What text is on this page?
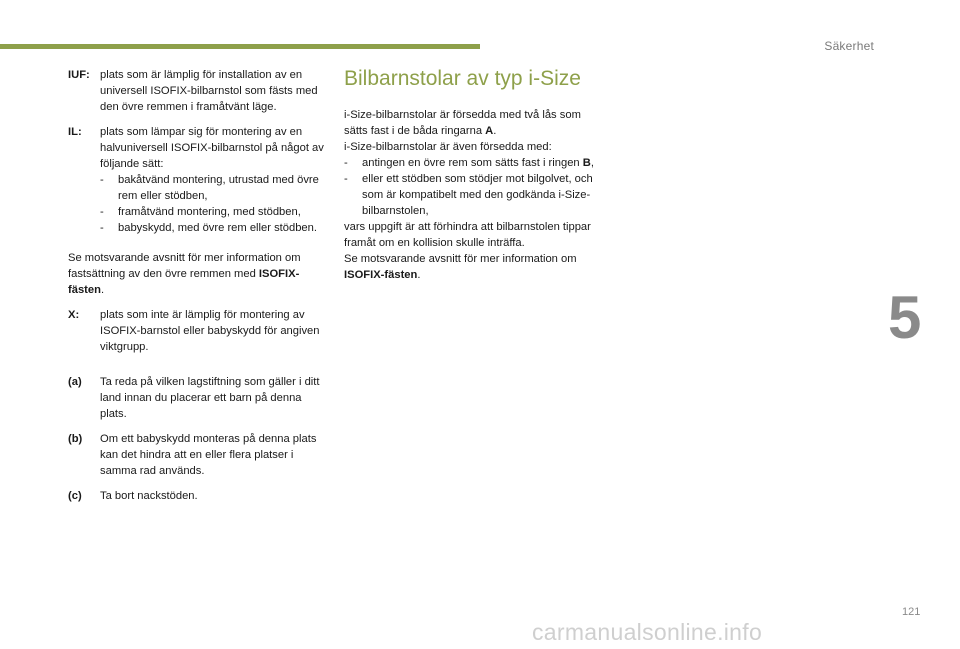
Säkerhet
5
121
carmanualsonline.info
IUF: plats som är lämplig för installation av en universell ISOFIX-bilbarnstol som fästs med den övre remmen i framåtvänt läge.
IL:	plats som lämpar sig för montering av en halvuniversell ISOFIX-bilbarnstol på något av följande sätt:
-	bakåtvänd montering, utrustad med övre rem eller stödben,
-	framåtvänd montering, med stödben,
-	babyskydd, med övre rem eller stödben.

Se motsvarande avsnitt för mer information om fastsättning av den övre remmen med ISOFIX-fästen.

X:	plats som inte är lämplig för montering av ISOFIX-barnstol eller babyskydd för angiven viktgrupp.
(a)	Ta reda på vilken lagstiftning som gäller i ditt land innan du placerar ett barn på denna plats.
(b)	Om ett babyskydd monteras på denna plats kan det hindra att en eller flera platser i samma rad används.
(c)	Ta bort nackstöden.
Bilbarnstolar av typ i-Size
i-Size-bilbarnstolar är försedda med två lås som sätts fast i de båda ringarna A.
i-Size-bilbarnstolar är även försedda med:
-	antingen en övre rem som sätts fast i ringen B,
-	eller ett stödben som stödjer mot bilgolvet, och som är kompatibelt med den godkända i-Size-bilbarnstolen,
vars uppgift är att förhindra att bilbarnstolen tippar framåt om en kollision skulle inträffa.
Se motsvarande avsnitt för mer information om ISOFIX-fästen.
